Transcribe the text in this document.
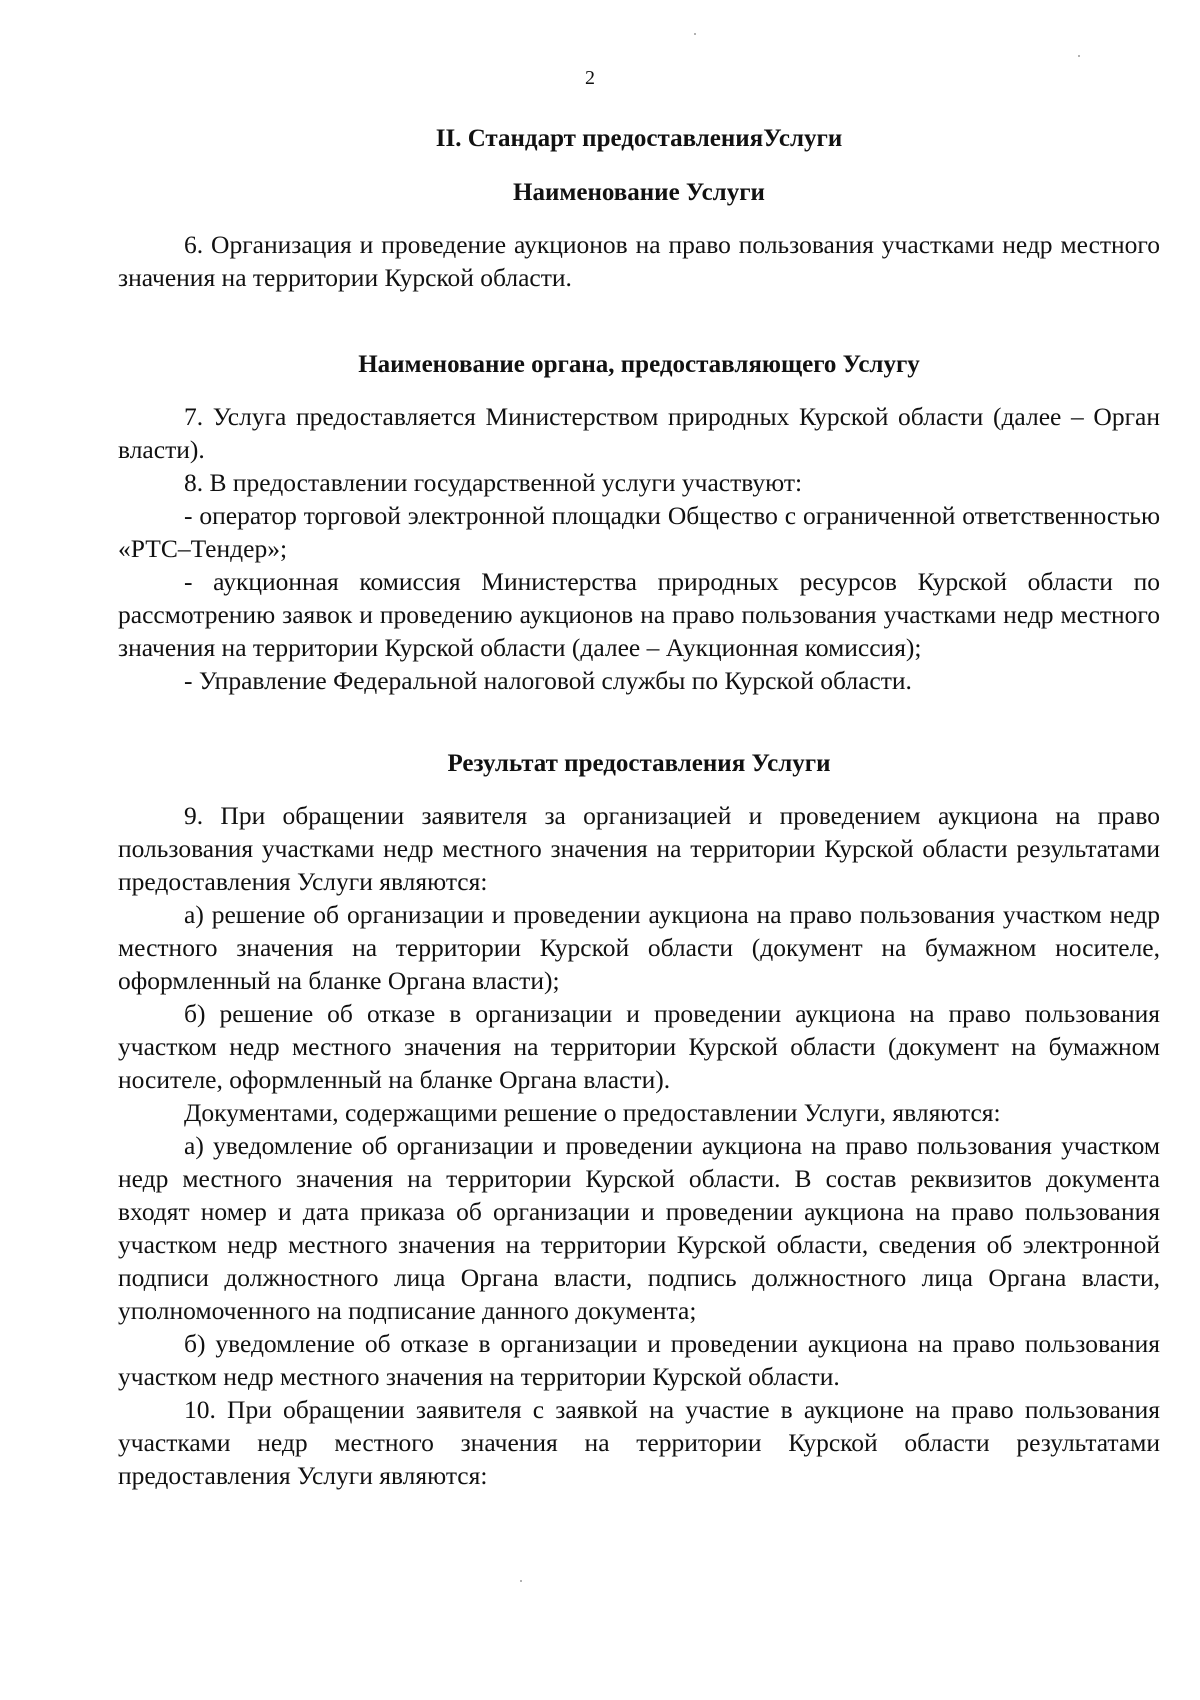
2
II. Стандарт предоставленияУслуги
Наименование Услуги

6. Организация и проведение аукционов на право пользования участками недр местного значения на территории Курской области.

Наименование органа, предоставляющего Услугу

7. Услуга предоставляется Министерством природных Курской области (далее – Орган власти).

8. В предоставлении государственной услуги участвуют:

- оператор торговой электронной площадки Общество с ограниченной ответственностью «РТС–Тендер»;

- аукционная комиссия Министерства природных ресурсов Курской области по рассмотрению заявок и проведению аукционов на право пользования участками недр местного значения на территории Курской области (далее – Аукционная комиссия);

- Управление Федеральной налоговой службы по Курской области.

Результат предоставления Услуги

9. При обращении заявителя за организацией и проведением аукциона на право пользования участками недр местного значения на территории Курской области результатами предоставления Услуги являются:

а) решение об организации и проведении аукциона на право пользования участком недр местного значения на территории Курской области (документ на бумажном носителе, оформленный на бланке Органа власти);

б) решение об отказе в организации и проведении аукциона на право пользования участком недр местного значения на территории Курской области (документ на бумажном носителе, оформленный на бланке Органа власти).

Документами, содержащими решение о предоставлении Услуги, являются:

а) уведомление об организации и проведении аукциона на право пользования участком недр местного значения на территории Курской области. В состав реквизитов документа входят номер и дата приказа об организации и проведении аукциона на право пользования участком недр местного значения на территории Курской области, сведения об электронной подписи должностного лица Органа власти, подпись должностного лица Органа власти, уполномоченного на подписание данного документа;

б) уведомление об отказе в организации и проведении аукциона на право пользования участком недр местного значения на территории Курской области.

10. При обращении заявителя с заявкой на участие в аукционе на право пользования участками недр местного значения на территории Курской области результатами предоставления Услуги являются:
